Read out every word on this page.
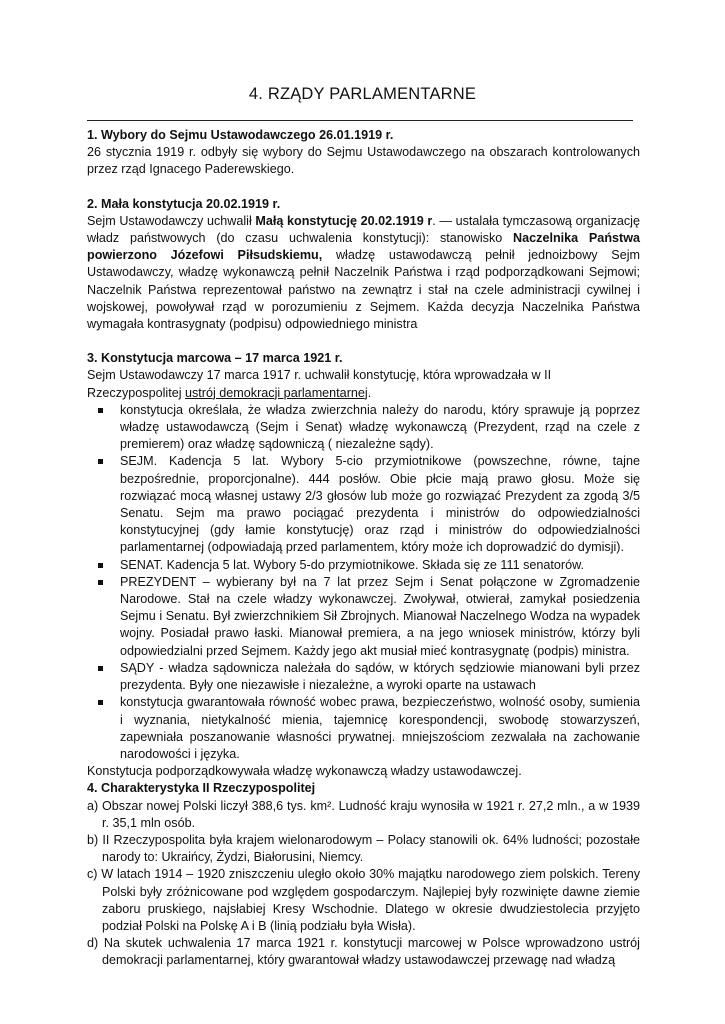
4. RZĄDY PARLAMENTARNE

1. Wybory do Sejmu Ustawodawczego 26.01.1919 r.

26 stycznia 1919 r. odbyły się wybory do Sejmu Ustawodawczego na obszarach kontrolowanych przez rząd Ignacego Paderewskiego.

2. Mała konstytucja 20.02.1919 r.

Sejm Ustawodawczy uchwalił Małą konstytucję 20.02.1919 r. — ustalała tymczasową organizację władz państwowych (do czasu uchwalenia konstytucji): stanowisko Naczelnika Państwa powierzono Józefowi Piłsudskiemu, władzę ustawodawczą pełnił jednoizbowy Sejm Ustawodawczy, władzę wykonawczą pełnił Naczelnik Państwa i rząd podporządkowani Sejmowi; Naczelnik Państwa reprezentował państwo na zewnątrz i stał na czele administracji cywilnej i wojskowej, powoływał rząd w porozumieniu z Sejmem. Każda decyzja Naczelnika Państwa wymagała kontrasygnaty (podpisu) odpowiedniego ministra

3. Konstytucja marcowa – 17 marca 1921 r.

Sejm Ustawodawczy 17 marca 1917 r. uchwalił konstytucję, która wprowadzała w II Rzeczypospolitej ustrój demokracji parlamentarnej.

konstytucja określała, że władza zwierzchnia należy do narodu, który sprawuje ją poprzez władzę ustawodawczą (Sejm i Senat) władzę wykonawczą (Prezydent, rząd na czele z premierem) oraz władzę sądowniczą ( niezależne sądy).
SEJM. Kadencja 5 lat. Wybory 5-cio przymiotnikowe (powszechne, równe, tajne bezpośrednie, proporcjonalne). 444 posłów. Obie płcie mają prawo głosu. Może się rozwiązać mocą własnej ustawy 2/3 głosów lub może go rozwiązać Prezydent za zgodą 3/5 Senatu. Sejm ma prawo pociągać prezydenta i ministrów do odpowiedzialności konstytucyjnej (gdy łamie konstytucję) oraz rząd i ministrów do odpowiedzialności parlamentarnej (odpowiadają przed parlamentem, który może ich doprowadzić do dymisji).
SENAT. Kadencja 5 lat. Wybory 5-do przymiotnikowe. Składa się ze 111 senatorów.
PREZYDENT – wybierany był na 7 lat przez Sejm i Senat połączone w Zgromadzenie Narodowe. Stał na czele władzy wykonawczej. Zwoływał, otwierał, zamykał posiedzenia Sejmu i Senatu. Był zwierzchnikiem Sił Zbrojnych. Mianował Naczelnego Wodza na wypadek wojny. Posiadał prawo łaski. Mianował premiera, a na jego wniosek ministrów, którzy byli odpowiedzialni przed Sejmem. Każdy jego akt musiał mieć kontrasygnatę (podpis) ministra.
SĄDY - władza sądownicza należała do sądów, w których sędziowie mianowani byli przez prezydenta. Były one niezawisłe i niezależne, a wyroki oparte na ustawach
konstytucja gwarantowała równość wobec prawa, bezpieczeństwo, wolność osoby, sumienia i wyznania, nietykalność mienia, tajemnicę korespondencji, swobodę stowarzyszeń, zapewniała poszanowanie własności prywatnej. mniejszościom zezwalała na zachowanie narodowości i języka.

Konstytucja podporządkowywała władzę wykonawczą władzy ustawodawczej.

4. Charakterystyka II Rzeczypospolitej

a) Obszar nowej Polski liczył 388,6 tys. km². Ludność kraju wynosiła w 1921 r. 27,2 mln., a w 1939 r. 35,1 mln osób.
b) II Rzeczypospolita była krajem wielonarodowym – Polacy stanowili ok. 64% ludności; pozostałe narody to: Ukraińcy, Żydzi, Białorusini, Niemcy.
c) W latach 1914 – 1920 zniszczeniu uległo około 30% majątku narodowego ziem polskich. Tereny Polski były zróżnicowane pod względem gospodarczym. Najlepiej były rozwinięte dawne ziemie zaboru pruskiego, najsłabiej Kresy Wschodnie. Dlatego w okresie dwudziestolecia przyjęto podział Polski na Polskę A i B (linią podziału była Wisła).
d) Na skutek uchwalenia 17 marca 1921 r. konstytucji marcowej w Polsce wprowadzono ustrój demokracji parlamentarnej, który gwarantował władzy ustawodawczej przewagę nad władzą
